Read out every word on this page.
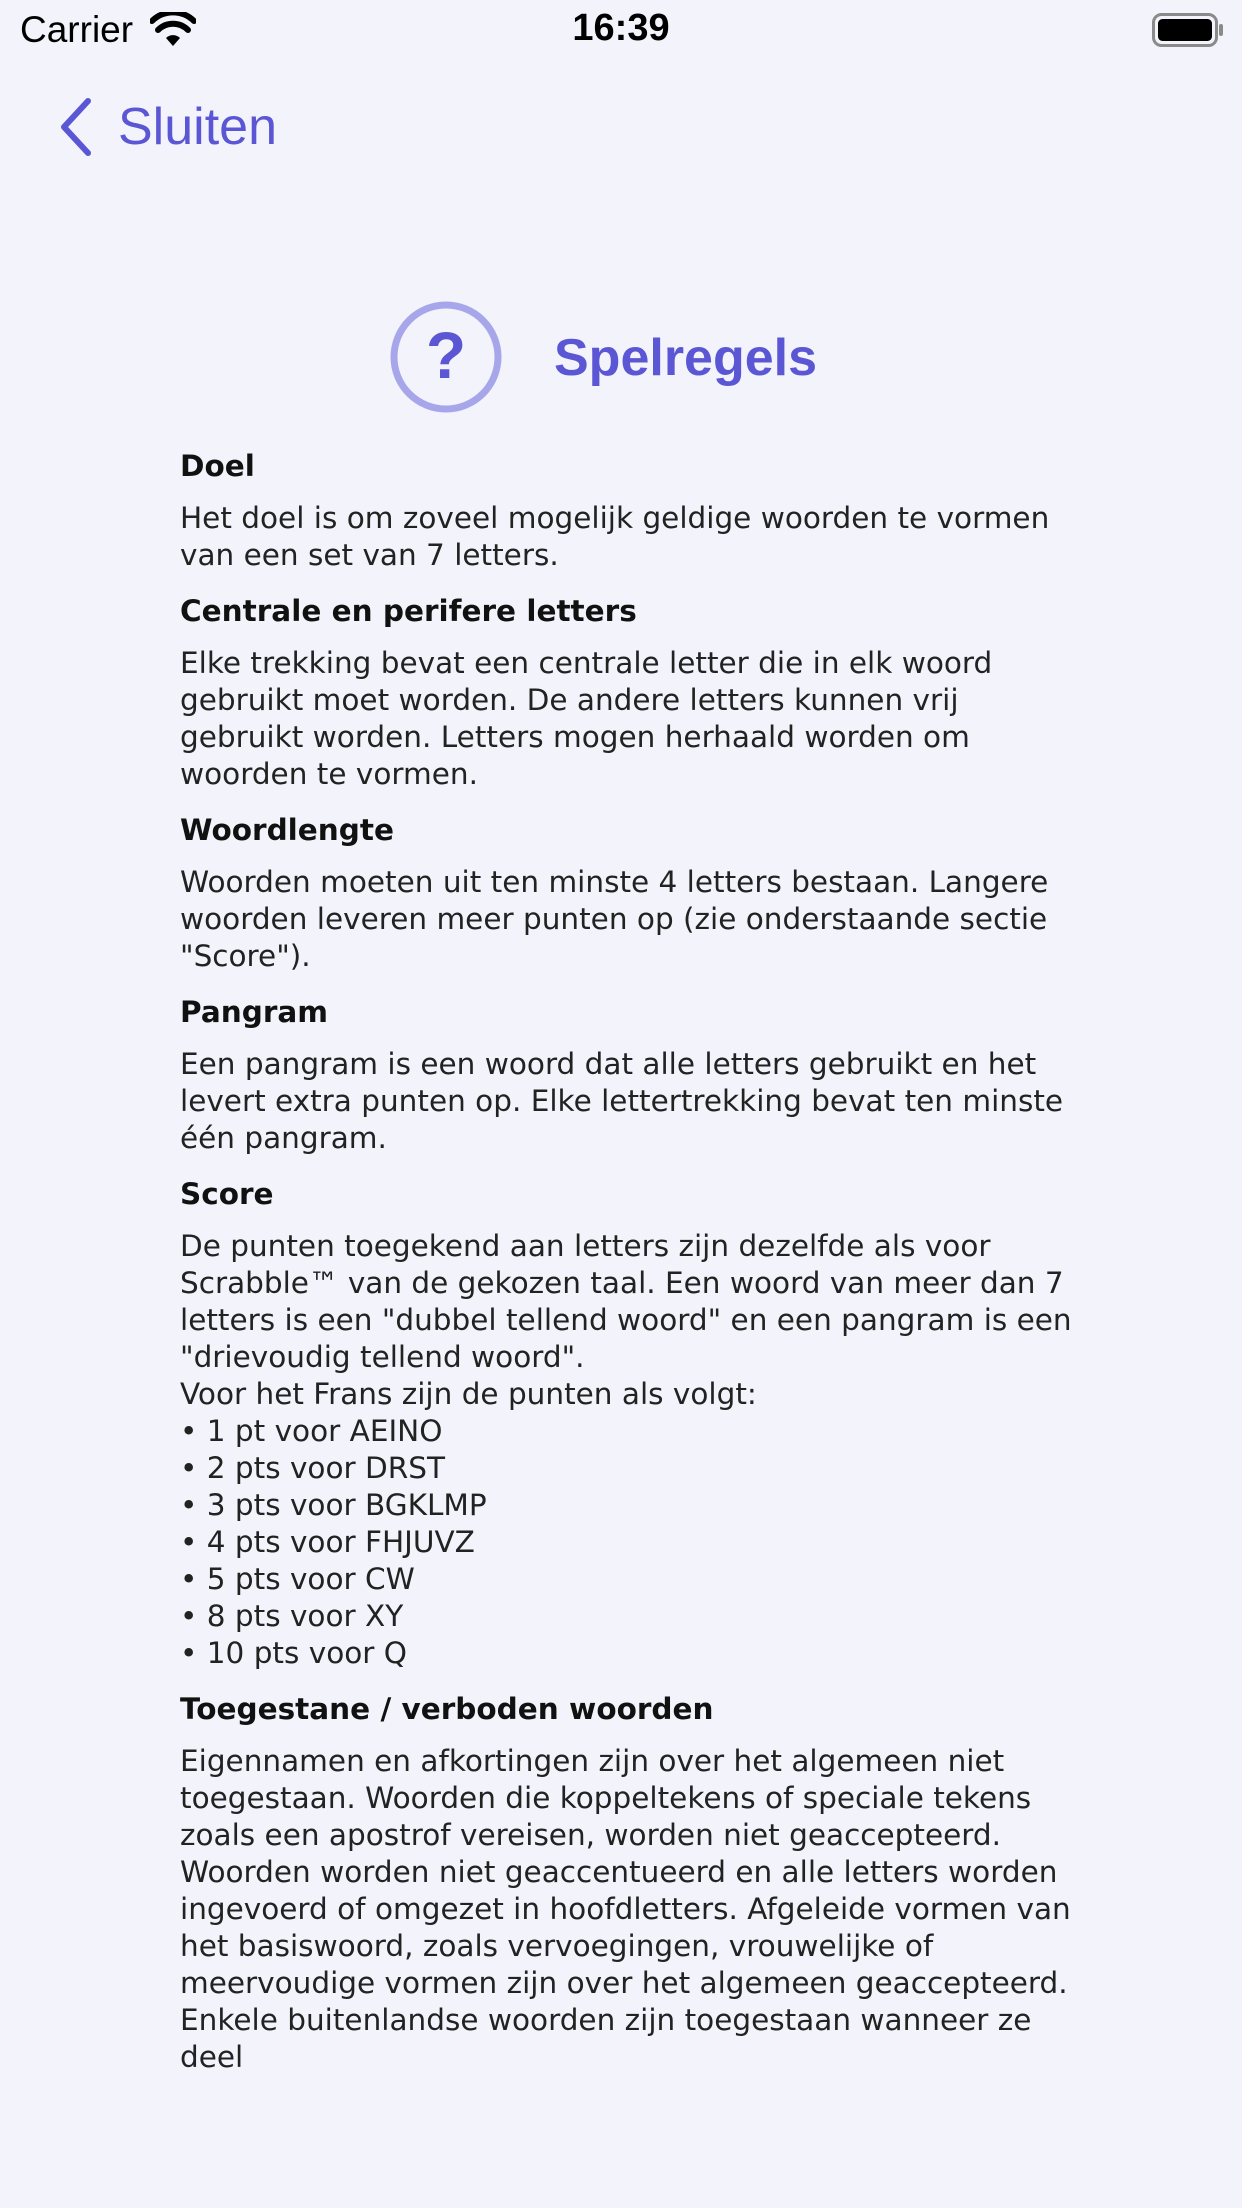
Carrier	16:39
Sluiten
? Spelregels
Doel
Het doel is om zoveel mogelijk geldige woorden te vormen van een set van 7 letters.
Centrale en perifere letters
Elke trekking bevat een centrale letter die in elk woord gebruikt moet worden. De andere letters kunnen vrij gebruikt worden. Letters mogen herhaald worden om woorden te vormen.
Woordlengte
Woorden moeten uit ten minste 4 letters bestaan. Langere woorden leveren meer punten op (zie onderstaande sectie "Score").
Pangram
Een pangram is een woord dat alle letters gebruikt en het levert extra punten op. Elke lettertrekking bevat ten minste één pangram.
Score
De punten toegekend aan letters zijn dezelfde als voor Scrabble™ van de gekozen taal. Een woord van meer dan 7 letters is een "dubbel tellend woord" en een pangram is een "drievoudig tellend woord".
Voor het Frans zijn de punten als volgt:
• 1 pt voor AEINO
• 2 pts voor DRST
• 3 pts voor BGKLMP
• 4 pts voor FHJUVZ
• 5 pts voor CW
• 8 pts voor XY
• 10 pts voor Q
Toegestane / verboden woorden
Eigennamen en afkortingen zijn over het algemeen niet toegestaan. Woorden die koppeltekens of speciale tekens zoals een apostrof vereisen, worden niet geaccepteerd. Woorden worden niet geaccentueerd en alle letters worden ingevoerd of omgezet in hoofdletters. Afgeleide vormen van het basiswoord, zoals vervoegingen, vrouwelijke of meervoudige vormen zijn over het algemeen geaccepteerd. Enkele buitenlandse woorden zijn toegestaan wanneer ze deel
